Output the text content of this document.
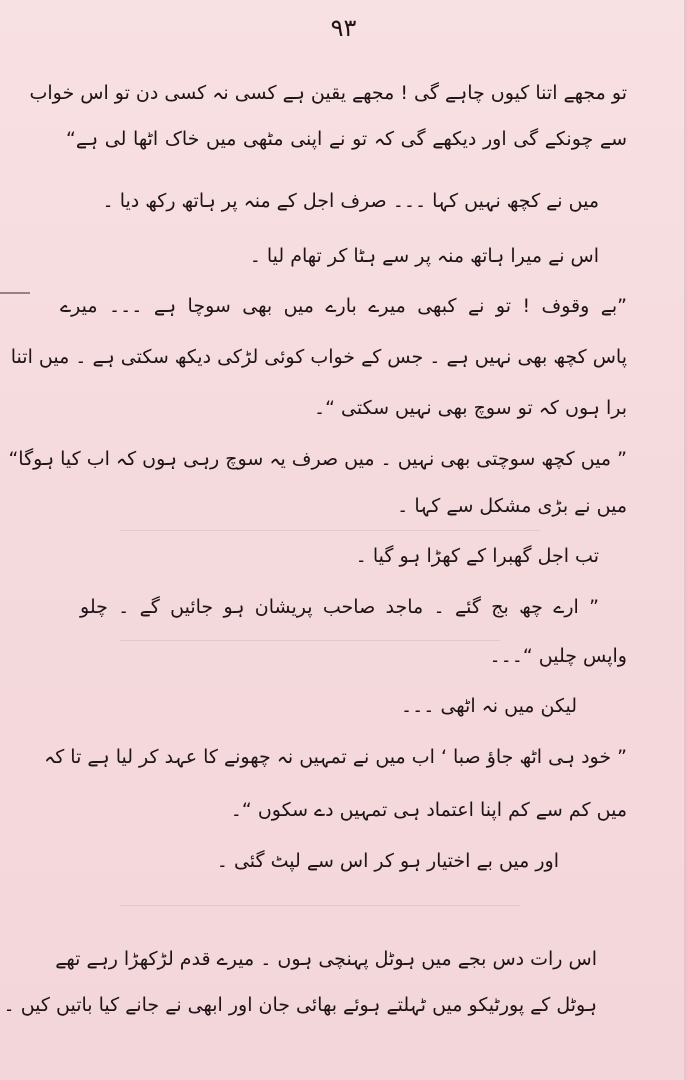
۹۳
تو مجھے اتنا کیوں چاہے گی ! مجھے یقین ہے کسی نہ کسی دن تو اس خواب
سے چونکے گی اور دیکھے گی کہ تو نے اپنی مٹھی میں خاک اٹھا لی ہے“
میں نے کچھ نہیں کہا ۔۔۔ صرف اجل کے منہ پر ہاتھ رکھ دیا ۔
اس نے میرا ہاتھ منہ پر سے ہٹا کر تھام لیا ۔
”بے وقوف ! تو نے کبھی میرے بارے میں بھی سوچا ہے ۔۔۔ میرے
پاس کچھ بھی نہیں ہے ۔ جس کے خواب کوئی لڑکی دیکھ سکتی ہے ۔ میں اتنا
برا ہوں کہ تو سوچ بھی نہیں سکتی “۔
” میں کچھ سوچتی بھی نہیں ۔ میں صرف یہ سوچ رہی ہوں کہ اب کیا ہوگا“
میں نے بڑی مشکل سے کہا ۔
تب اجل گھبرا کے کھڑا ہو گیا ۔
” ارے چھ بج گئے ۔ ماجد صاحب پریشان ہو جائیں گے ۔ چلو
واپس چلیں “۔۔۔
لیکن میں نہ اٹھی ۔۔۔
” خود ہی اٹھ جاؤ صبا ‘ اب میں نے تمہیں نہ چھونے کا عہد کر لیا ہے تا کہ
میں کم سے کم اپنا اعتماد ہی تمہیں دے سکوں “۔
اور میں بے اختیار ہو کر اس سے لپٹ گئی ۔
اس رات دس بجے میں ہوٹل پہنچی ہوں ۔ میرے قدم لڑکھڑا رہے تھے
ہوٹل کے پورٹیکو میں ٹہلتے ہوئے بھائی جان اور ابھی نے جانے کیا باتیں کیں ۔
